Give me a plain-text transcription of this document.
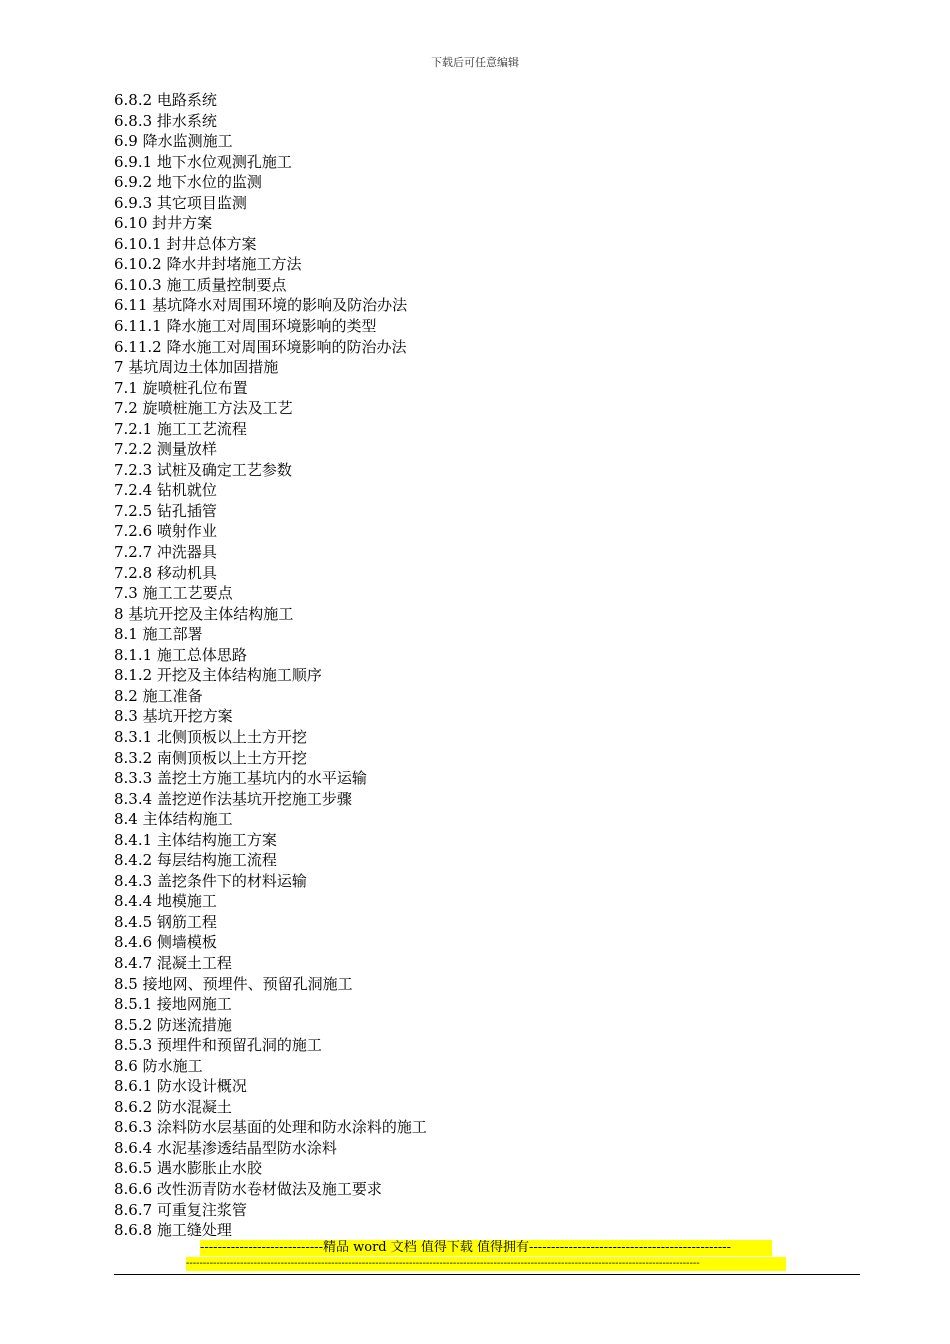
下载后可任意编辑
6.8.2 电路系统
6.8.3 排水系统
6.9 降水监测施工
6.9.1 地下水位观测孔施工
6.9.2 地下水位的监测
6.9.3 其它项目监测
6.10 封井方案
6.10.1 封井总体方案
6.10.2 降水井封堵施工方法
6.10.3 施工质量控制要点
6.11 基坑降水对周围环境的影响及防治办法
6.11.1 降水施工对周围环境影响的类型
6.11.2 降水施工对周围环境影响的防治办法
7 基坑周边土体加固措施
7.1 旋喷桩孔位布置
7.2 旋喷桩施工方法及工艺
7.2.1 施工工艺流程
7.2.2 测量放样
7.2.3 试桩及确定工艺参数
7.2.4 钻机就位
7.2.5 钻孔插管
7.2.6 喷射作业
7.2.7 冲洗器具
7.2.8 移动机具
7.3 施工工艺要点
8 基坑开挖及主体结构施工
8.1 施工部署
8.1.1 施工总体思路
8.1.2 开挖及主体结构施工顺序
8.2 施工准备
8.3 基坑开挖方案
8.3.1 北侧顶板以上土方开挖
8.3.2 南侧顶板以上土方开挖
8.3.3 盖挖土方施工基坑内的水平运输
8.3.4 盖挖逆作法基坑开挖施工步骤
8.4 主体结构施工
8.4.1 主体结构施工方案
8.4.2 每层结构施工流程
8.4.3 盖挖条件下的材料运输
8.4.4 地模施工
8.4.5 钢筋工程
8.4.6 侧墙模板
8.4.7 混凝土工程
8.5 接地网、预埋件、预留孔洞施工
8.5.1 接地网施工
8.5.2 防迷流措施
8.5.3 预埋件和预留孔洞的施工
8.6 防水施工
8.6.1 防水设计概况
8.6.2 防水混凝土
8.6.3 涂料防水层基面的处理和防水涂料的施工
8.6.4 水泥基渗透结晶型防水涂料
8.6.5 遇水膨胀止水胶
8.6.6 改性沥青防水卷材做法及施工要求
8.6.7 可重复注浆管
8.6.8 施工缝处理
----------------------------精品 word 文档 值得下载 值得拥有----------------------------------------------
--------------------------------------------------------------------------------------------------------------------------------------------------------
